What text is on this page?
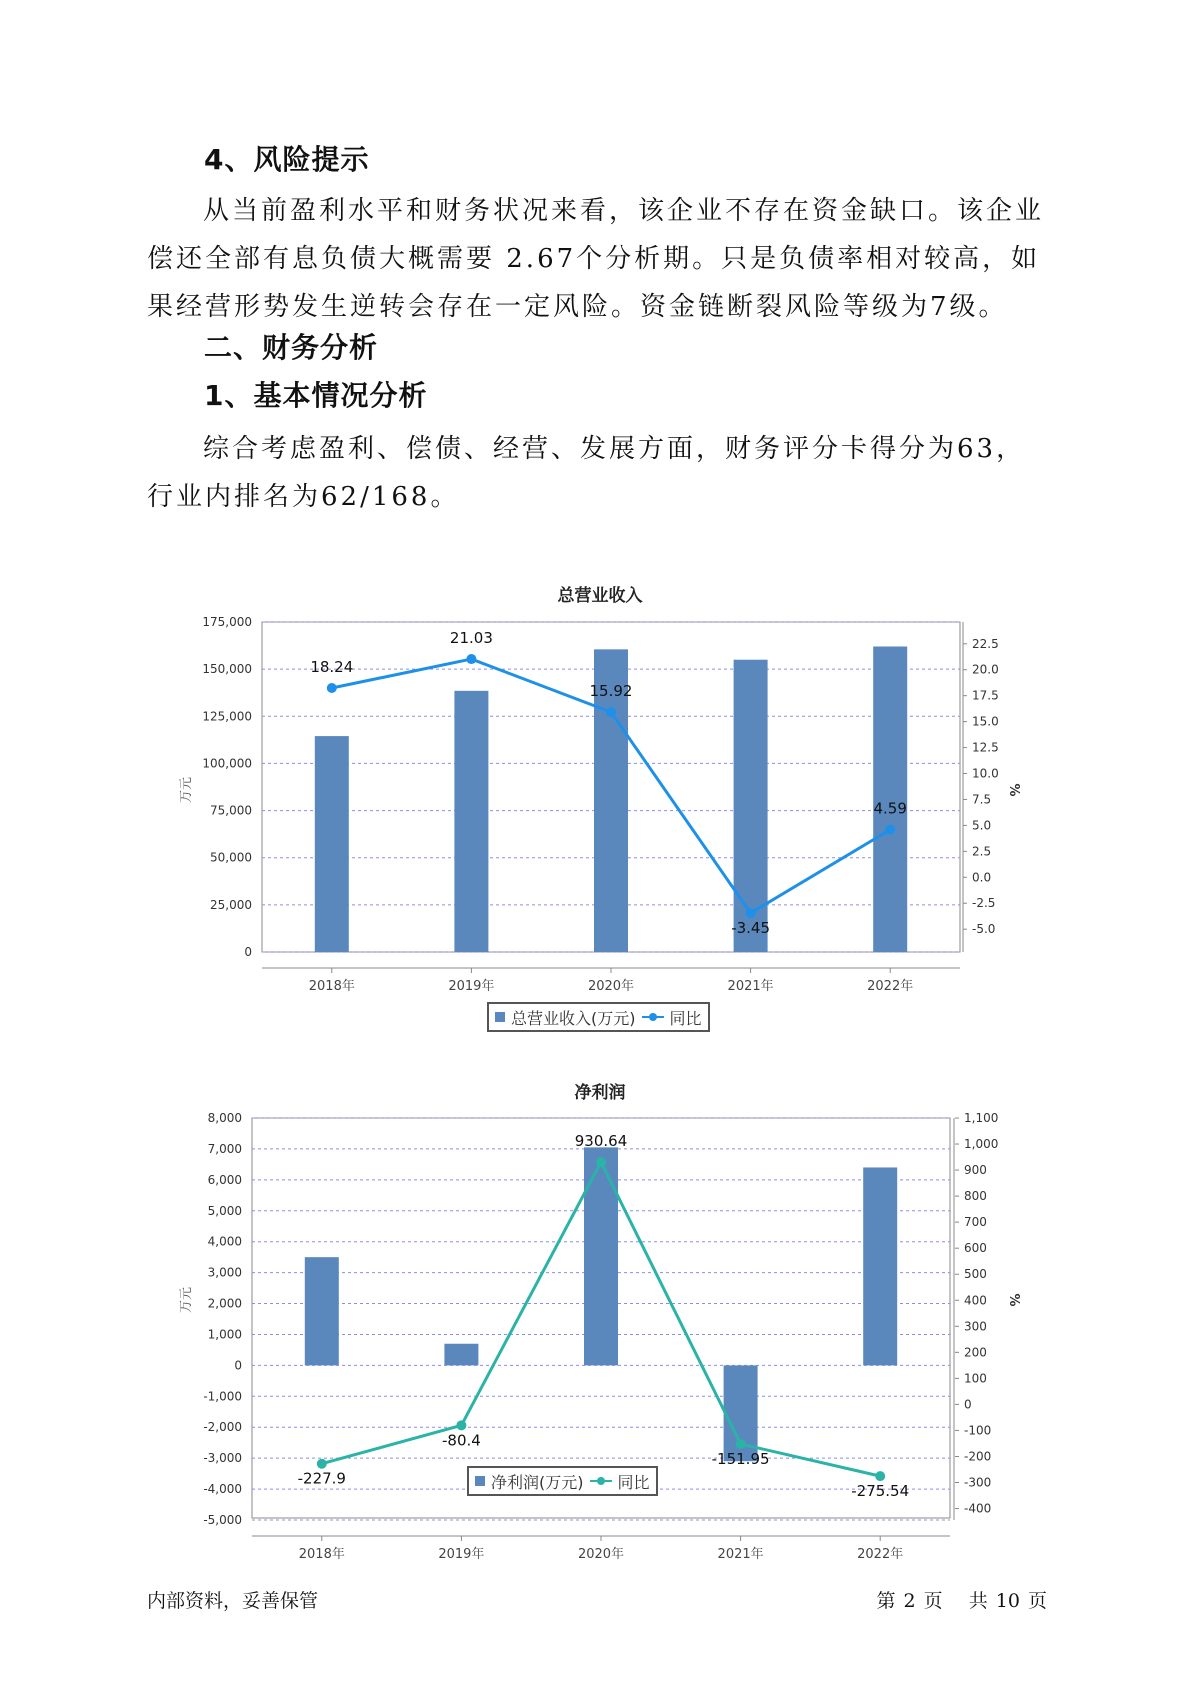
4、风险提示

从当前盈利水平和财务状况来看，该企业不存在资金缺口。该企业偿还全部有息负债大概需要 2.67个分析期。只是负债率相对较高，如果经营形势发生逆转会存在一定风险。资金链断裂风险等级为7级。

二、财务分析
1、基本情况分析

综合考虑盈利、偿债、经营、发展方面，财务评分卡得分为63，行业内排名为62/168。

总营业收入
18.24
21.03
15.92
-3.45
4.59
2018年	2019年	2020年	2021年	2022年
0
25,000
50,000
75,000
100,000
125,000
150,000
175,000
-5.0
-2.5
0.0
2.5
5.0
7.5
10.0
12.5
15.0
17.5
20.0
22.5
万元	%
总营业收入(万元) 同比
净利润
-227.9
-80.4
930.64
-151.95
-275.54
2018年	2019年	2020年	2021年	2022年
-5,000
-4,000
-3,000
-2,000
-1,000
0
1,000
2,000
3,000
4,000
5,000
6,000
7,000
8,000
-400
-300
-200
-100
0
100
200
300
400
500
600
700
800
900
1,000
1,100
万元	%
内部资料，妥善保管	第 2 页 共 10 页
净利润(万元) 同比
